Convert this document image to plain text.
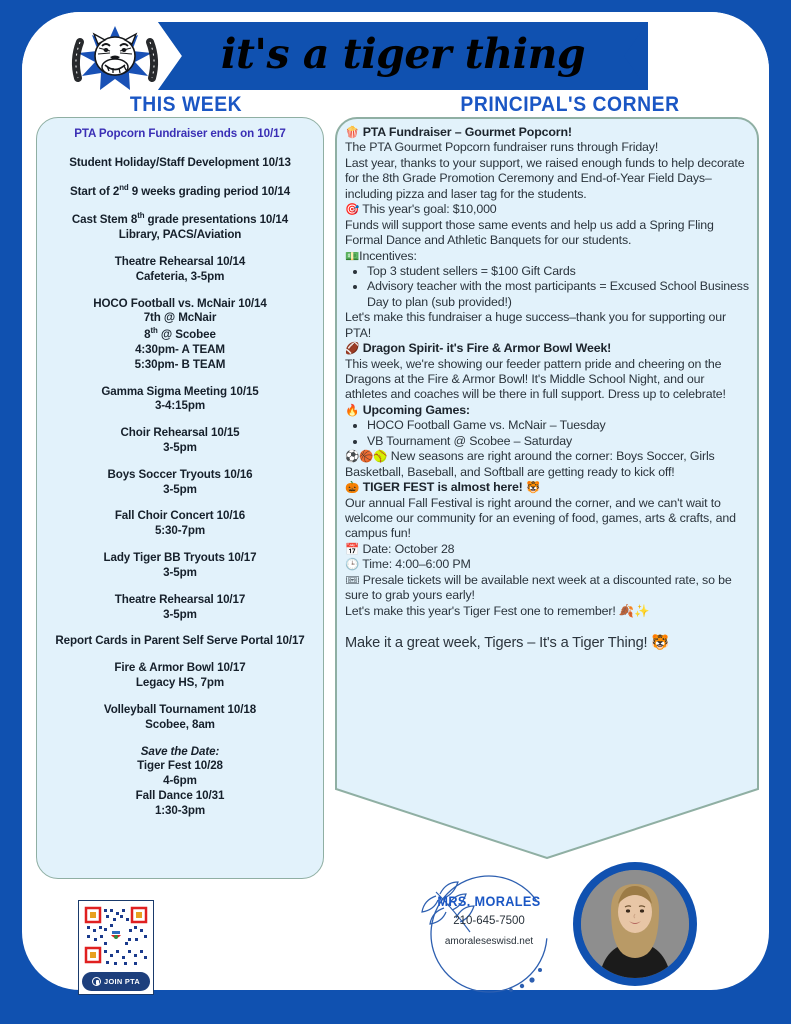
it's a tiger thing
THIS WEEK	PRINCIPAL'S CORNER
PTA Popcorn Fundraiser ends on 10/17
Student Holiday/Staff Development 10/13
Start of 2nd 9 weeks grading period 10/14
Cast Stem 8th grade presentations 10/14
Library, PACS/Aviation
Theatre Rehearsal 10/14
Cafeteria, 3-5pm
HOCO Football vs. McNair 10/14
7th @ McNair
8th @ Scobee
4:30pm- A TEAM
5:30pm- B TEAM
Gamma Sigma Meeting 10/15
3-4:15pm
Choir Rehearsal 10/15
3-5pm
Boys Soccer Tryouts 10/16
3-5pm
Fall Choir Concert 10/16
5:30-7pm
Lady Tiger BB Tryouts 10/17
3-5pm
Theatre Rehearsal 10/17
3-5pm
Report Cards in Parent Self Serve Portal 10/17
Fire & Armor Bowl 10/17
Legacy HS, 7pm
Volleyball Tournament 10/18
Scobee, 8am
Save the Date:
Tiger Fest 10/28
4-6pm
Fall Dance 10/31
1:30-3pm

🍿 PTA Fundraiser – Gourmet Popcorn!

The PTA Gourmet Popcorn fundraiser runs through Friday!

Last year, thanks to your support, we raised enough funds to help decorate for the 8th Grade Promotion Ceremony and End-of-Year Field Days–including pizza and laser tag for the students.

🎯 This year's goal: $10,000

Funds will support those same events and help us add a Spring Fling Formal Dance and Athletic Banquets for our students.

💵Incentives:

• Top 3 student sellers = $100 Gift Cards
• Advisory teacher with the most participants = Excused School Business Day to plan (sub provided!)

Let's make this fundraiser a huge success–thank you for supporting our PTA!

🏈 Dragon Spirit- it's Fire & Armor Bowl Week!

This week, we're showing our feeder pattern pride and cheering on the Dragons at the Fire & Armor Bowl! It's Middle School Night, and our athletes and coaches will be there in full support. Dress up to celebrate!

🔥 Upcoming Games:

• HOCO Football Game vs. McNair – Tuesday
• VB Tournament @ Scobee – Saturday

⚽🏀🥎 New seasons are right around the corner: Boys Soccer, Girls Basketball, Baseball, and Softball are getting ready to kick off!

🎃 TIGER FEST is almost here! 🐯

Our annual Fall Festival is right around the corner, and we can't wait to welcome our community for an evening of food, games, arts & crafts, and campus fun!

📅 Date: October 28

🕒 Time: 4:00–6:00 PM

🎟 Presale tickets will be available next week at a discounted rate, so be sure to grab yours early!

Let's make this year's Tiger Fest one to remember! 🍂✨

Make it a great week, Tigers – It's a Tiger Thing! 🐯

JOIN PTA
MRS. MORALES
210-645-7500
amoraleseswisd.net
